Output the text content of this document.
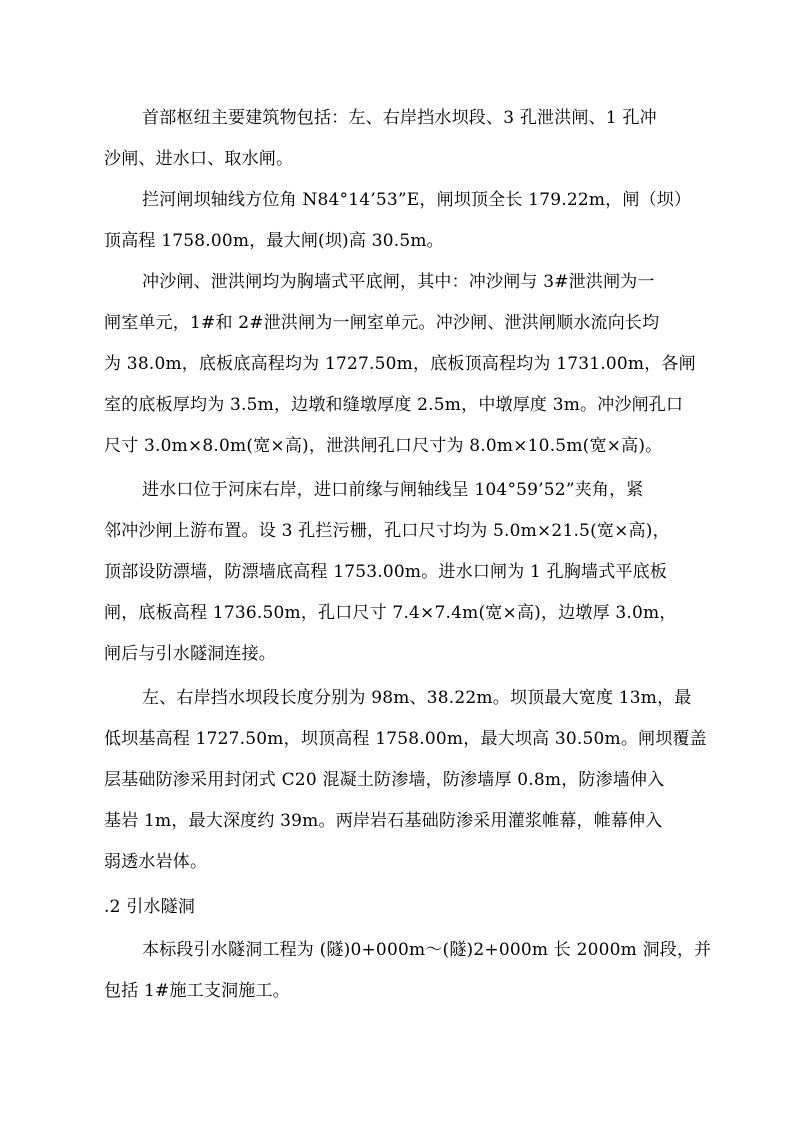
首部枢纽主要建筑物包括：左、右岸挡水坝段、3 孔泄洪闸、1 孔冲
沙闸、进水口、取水闸。
拦河闸坝轴线方位角 N84°14’53”E，闸坝顶全长 179.22m，闸（坝）
顶高程 1758.00m，最大闸(坝)高 30.5m。
冲沙闸、泄洪闸均为胸墙式平底闸，其中：冲沙闸与 3#泄洪闸为一
闸室单元，1#和 2#泄洪闸为一闸室单元。冲沙闸、泄洪闸顺水流向长均
为 38.0m，底板底高程均为 1727.50m，底板顶高程均为 1731.00m，各闸
室的底板厚均为 3.5m，边墩和缝墩厚度 2.5m，中墩厚度 3m。冲沙闸孔口
尺寸 3.0m×8.0m(宽×高)，泄洪闸孔口尺寸为 8.0m×10.5m(宽×高)。
进水口位于河床右岸，进口前缘与闸轴线呈 104°59’52”夹角，紧
邻冲沙闸上游布置。设 3 孔拦污栅，孔口尺寸均为 5.0m×21.5(宽×高)，
顶部设防漂墙，防漂墙底高程 1753.00m。进水口闸为 1 孔胸墙式平底板
闸，底板高程 1736.50m，孔口尺寸 7.4×7.4m(宽×高)，边墩厚 3.0m，
闸后与引水隧洞连接。
左、右岸挡水坝段长度分别为 98m、38.22m。坝顶最大宽度 13m，最
低坝基高程 1727.50m，坝顶高程 1758.00m，最大坝高 30.50m。闸坝覆盖
层基础防渗采用封闭式 C20 混凝土防渗墙，防渗墙厚 0.8m，防渗墙伸入
基岩 1m，最大深度约 39m。两岸岩石基础防渗采用灌浆帷幕，帷幕伸入
弱透水岩体。
.2 引水隧洞
本标段引水隧洞工程为 (隧)0+000m～(隧)2+000m 长 2000m 洞段，并
包括 1#施工支洞施工。
